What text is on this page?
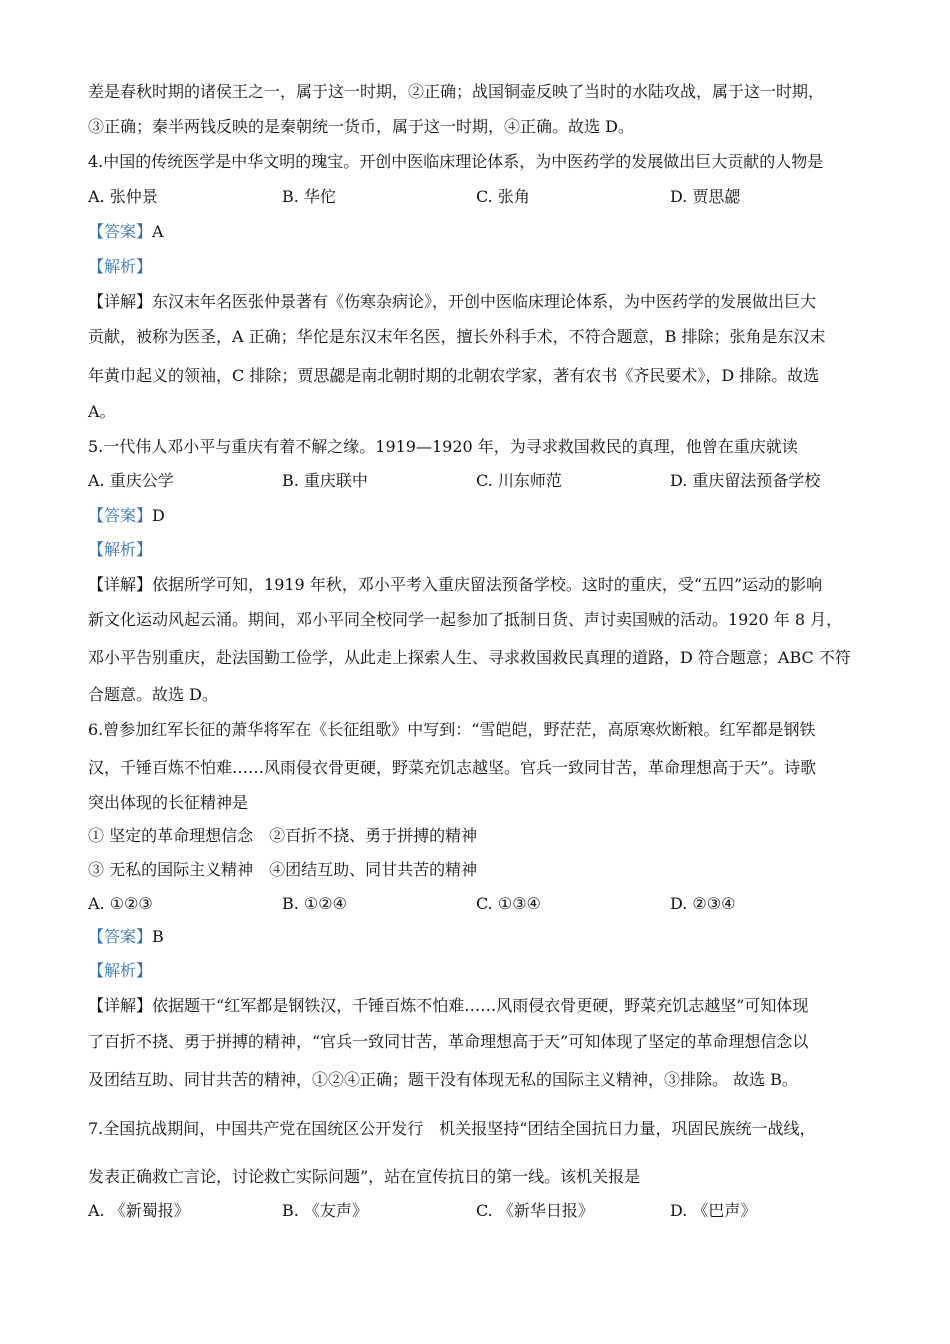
差是春秋时期的诸侯王之一，属于这一时期，②正确；战国铜壶反映了当时的水陆攻战，属于这一时期，
③正确；秦半两钱反映的是秦朝统一货币，属于这一时期，④正确。故选 D。
4.中国的传统医学是中华文明的瑰宝。开创中医临床理论体系，为中医药学的发展做出巨大贡献的人物是
A. 张仲景	B. 华佗	C. 张角	D. 贾思勰
【答案】A
【解析】
【详解】东汉末年名医张仲景著有《伤寒杂病论》，开创中医临床理论体系，为中医药学的发展做出巨大
贡献，被称为医圣，A 正确；华佗是东汉末年名医，擅长外科手术，不符合题意，B 排除；张角是东汉末
年黄巾起义的领袖，C 排除；贾思勰是南北朝时期的北朝农学家，著有农书《齐民要术》，D 排除。故选
A。
5.一代伟人邓小平与重庆有着不解之缘。1919—1920 年，为寻求救国救民的真理，他曾在重庆就读
A. 重庆公学	B. 重庆联中	C. 川东师范	D. 重庆留法预备学校
【答案】D
【解析】
【详解】依据所学可知，1919 年秋，邓小平考入重庆留法预备学校。这时的重庆，受“五四”运动的影响
新文化运动风起云涌。期间，邓小平同全校同学一起参加了抵制日货、声讨卖国贼的活动。1920 年 8 月，
邓小平告别重庆，赴法国勤工俭学，从此走上探索人生、寻求救国救民真理的道路，D 符合题意；ABC 不符
合题意。故选 D。
6.曾参加红军长征的萧华将军在《长征组歌》中写到：“雪皑皑，野茫茫，高原寒炊断粮。红军都是钢铁
汉，千锤百炼不怕难……风雨侵衣骨更硬，野菜充饥志越坚。官兵一致同甘苦，革命理想高于天”。诗歌
突出体现的长征精神是
① 坚定的革命理想信念　②百折不挠、勇于拼搏的精神
③ 无私的国际主义精神　④团结互助、同甘共苦的精神
A. ①②③	B. ①②④	C. ①③④	D. ②③④
【答案】B
【解析】
【详解】依据题干“红军都是钢铁汉，千锤百炼不怕难……风雨侵衣骨更硬，野菜充饥志越坚”可知体现
了百折不挠、勇于拼搏的精神，“官兵一致同甘苦，革命理想高于天”可知体现了坚定的革命理想信念以
及团结互助、同甘共苦的精神，①②④正确；题干没有体现无私的国际主义精神，③排除。 故选 B。
7.全国抗战期间，中国共产党在国统区公开发行　机关报坚持“团结全国抗日力量，巩固民族统一战线，
发表正确救亡言论，讨论救亡实际问题”，站在宣传抗日的第一线。该机关报是
A. 《新蜀报》	B. 《友声》	C. 《新华日报》	D. 《巴声》
